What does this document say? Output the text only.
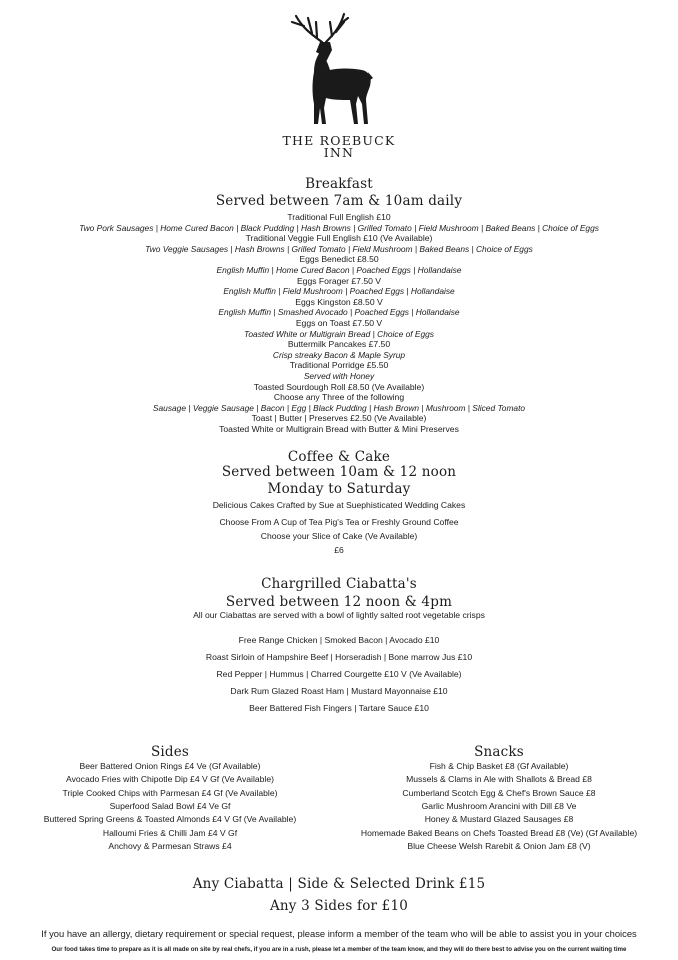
THE ROEBUCK
INN
Breakfast
Served between 7am & 10am daily
Traditional Full English £10
Two Pork Sausages | Home Cured Bacon | Black Pudding | Hash Browns | Grilled Tomato | Field Mushroom | Baked Beans | Choice of Eggs
Traditional Veggie Full English £10 (Ve Available)
Two Veggie Sausages | Hash Browns | Grilled Tomato | Field Mushroom | Baked Beans | Choice of Eggs
Eggs Benedict £8.50
English Muffin | Home Cured Bacon | Poached Eggs | Hollandaise
Eggs Forager £7.50 V
English Muffin | Field Mushroom | Poached Eggs | Hollandaise
Eggs Kingston £8.50 V
English Muffin | Smashed Avocado | Poached Eggs | Hollandaise
Eggs on Toast £7.50 V
Toasted White or Multigrain Bread | Choice of Eggs
Buttermilk Pancakes £7.50
Crisp streaky Bacon & Maple Syrup
Traditional Porridge £5.50
Served with Honey
Toasted Sourdough Roll £8.50 (Ve Available)
Choose any Three of the following
Sausage | Veggie Sausage | Bacon | Egg | Black Pudding | Hash Brown | Mushroom | Sliced Tomato
Toast | Butter | Preserves £2.50 (Ve Available)
Toasted White or Multigrain Bread with Butter & Mini Preserves
Coffee & Cake
Served between 10am & 12 noon
Monday to Saturday
Delicious Cakes Crafted by Sue at Suephisticated Wedding Cakes
Choose From A Cup of Tea Pig's Tea or Freshly Ground Coffee
Choose your Slice of Cake (Ve Available)
£6
Chargrilled Ciabatta's
Served between 12 noon & 4pm
All our Ciabattas are served with a bowl of lightly salted root vegetable crisps
Free Range Chicken | Smoked Bacon | Avocado £10
Roast Sirloin of Hampshire Beef | Horseradish | Bone marrow Jus £10
Red Pepper | Hummus | Charred Courgette £10 V (Ve Available)
Dark Rum Glazed Roast Ham | Mustard Mayonnaise £10
Beer Battered Fish Fingers | Tartare Sauce £10
Sides
Beer Battered Onion Rings £4 Ve (Gf Available)
Avocado Fries with Chipotle Dip £4 V Gf (Ve Available)
Triple Cooked Chips with Parmesan £4 Gf (Ve Available)
Superfood Salad Bowl £4 Ve Gf
Buttered Spring Greens & Toasted Almonds £4 V Gf (Ve Available)
Halloumi Fries & Chilli Jam £4 V Gf
Anchovy & Parmesan Straws £4
Snacks
Fish & Chip Basket £8 (Gf Available)
Mussels & Clams in Ale with Shallots & Bread £8
Cumberland Scotch Egg & Chef's Brown Sauce £8
Garlic Mushroom Arancini with Dill £8 Ve
Honey & Mustard Glazed Sausages £8
Homemade Baked Beans on Chefs Toasted Bread £8 (Ve) (Gf Available)
Blue Cheese Welsh Rarebit & Onion Jam £8 (V)
Any Ciabatta | Side & Selected Drink £15
Any 3 Sides for £10
If you have an allergy, dietary requirement or special request, please inform a member of the team who will be able to assist you in your choices
Our food takes time to prepare as it is all made on site by real chefs, if you are in a rush, please let a member of the team know, and they will do there best to advise you on the current waiting time
